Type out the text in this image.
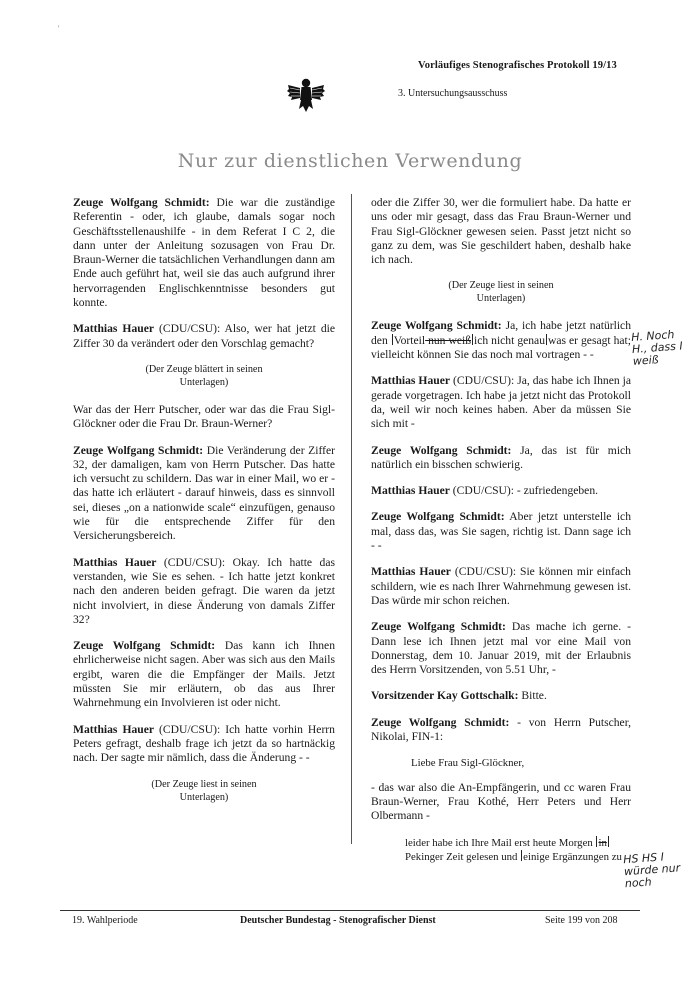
'
Vorläufiges Stenografisches Protokoll 19/13
3. Untersuchungsausschuss
Nur zur dienstlichen Verwendung

Zeuge Wolfgang Schmidt: Die war die zuständige Referentin - oder, ich glaube, damals sogar noch Geschäftsstellenaushilfe - in dem Referat I C 2, die dann unter der Anleitung sozusagen von Frau Dr. Braun-Werner die tatsächlichen Verhandlungen dann am Ende auch geführt hat, weil sie das auch aufgrund ihrer hervorragenden Englischkenntnisse besonders gut konnte.

Matthias Hauer (CDU/CSU): Also, wer hat jetzt die Ziffer 30 da verändert oder den Vorschlag gemacht?

(Der Zeuge blättert in seinen Unterlagen)

War das der Herr Putscher, oder war das die Frau Sigl-Glöckner oder die Frau Dr. Braun-Werner?

Zeuge Wolfgang Schmidt: Die Veränderung der Ziffer 32, der damaligen, kam von Herrn Putscher. Das hatte ich versucht zu schildern. Das war in einer Mail, wo er - das hatte ich erläutert - darauf hinweis, dass es sinnvoll sei, dieses „on a nationwide scale“ einzufügen, genauso wie für die entsprechende Ziffer für den Versicherungsbereich.

Matthias Hauer (CDU/CSU): Okay. Ich hatte das verstanden, wie Sie es sehen. - Ich hatte jetzt konkret nach den anderen beiden gefragt. Die waren da jetzt nicht involviert, in diese Änderung von damals Ziffer 32?

Zeuge Wolfgang Schmidt: Das kann ich Ihnen ehrlicherweise nicht sagen. Aber was sich aus den Mails ergibt, waren die die Empfänger der Mails. Jetzt müssten Sie mir erläutern, ob das aus Ihrer Wahrnehmung ein Involvieren ist oder nicht.

Matthias Hauer (CDU/CSU): Ich hatte vorhin Herrn Peters gefragt, deshalb frage ich jetzt da so hartnäckig nach. Der sagte mir nämlich, dass die Änderung - -

(Der Zeuge liest in seinen Unterlagen)

oder die Ziffer 30, wer die formuliert habe. Da hatte er uns oder mir gesagt, dass das Frau Braun-Werner und Frau Sigl-Glöckner gewesen seien. Passt jetzt nicht so ganz zu dem, was Sie geschildert haben, deshalb hake ich nach.

(Der Zeuge liest in seinen Unterlagen)

Zeuge Wolfgang Schmidt: Ja, ich habe jetzt natürlich den Vorteil nun weiß ich nicht genau was er gesagt hat; vielleicht können Sie das noch mal vortragen - -

Matthias Hauer (CDU/CSU): Ja, das habe ich Ihnen ja gerade vorgetragen. Ich habe ja jetzt nicht das Protokoll da, weil wir noch keines haben. Aber da müssen Sie sich mit -

Zeuge Wolfgang Schmidt: Ja, das ist für mich natürlich ein bisschen schwierig.

Matthias Hauer (CDU/CSU): - zufriedengeben.

Zeuge Wolfgang Schmidt: Aber jetzt unterstelle ich mal, dass das, was Sie sagen, richtig ist. Dann sage ich - -

Matthias Hauer (CDU/CSU): Sie können mir einfach schildern, wie es nach Ihrer Wahrnehmung gewesen ist. Das würde mir schon reichen.

Zeuge Wolfgang Schmidt: Das mache ich gerne. - Dann lese ich Ihnen jetzt mal vor eine Mail von Donnerstag, dem 10. Januar 2019, mit der Erlaubnis des Herrn Vorsitzenden, von 5.51 Uhr, -

Vorsitzender Kay Gottschalk: Bitte.

Zeuge Wolfgang Schmidt: - von Herrn Putscher, Nikolai, FIN-1:

Liebe Frau Sigl-Glöckner,

- das war also die An-Empfängerin, und cc waren Frau Braun-Werner, Frau Kothé, Herr Peters und Herr Olbermann -

leider habe ich Ihre Mail erst heute Morgen inPekinger Zeit gelesen und einige Ergänzungen zu
H. Noch H., dass I weiß
HS HS I würde nur noch
19. Wahlperiode	Deutscher Bundestag - Stenografischer Dienst	Seite 199 von 208
